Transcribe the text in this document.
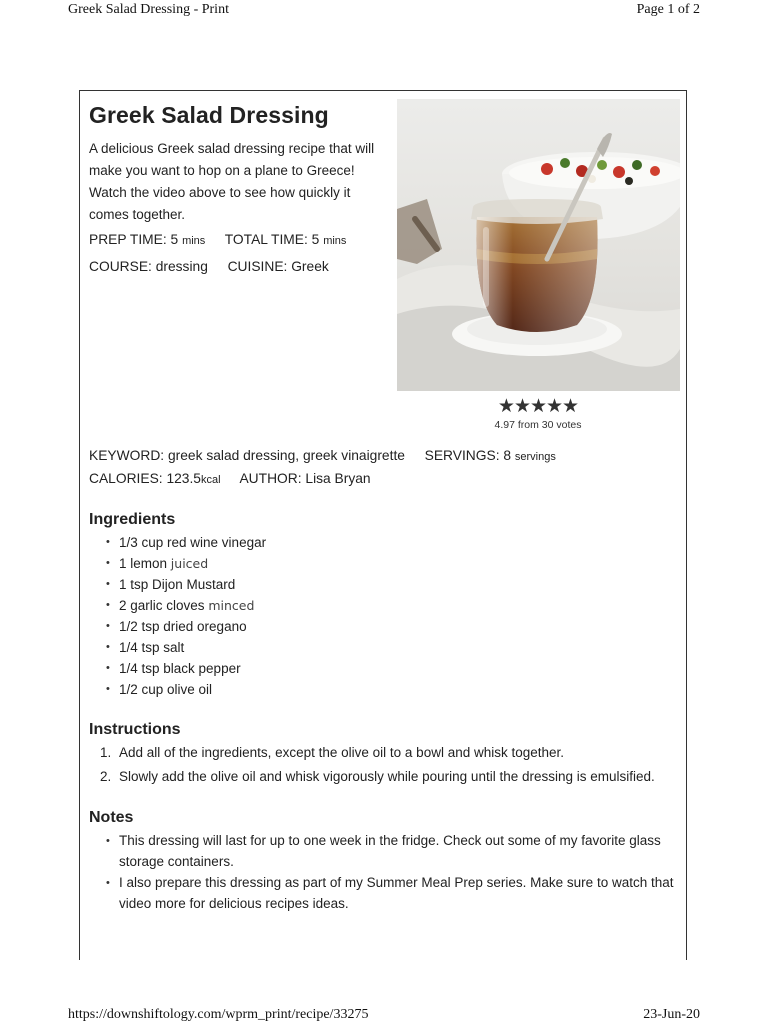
Greek Salad Dressing - Print	Page 1 of 2
Greek Salad Dressing

A delicious Greek salad dressing recipe that will make you want to hop on a plane to Greece! Watch the video above to see how quickly it comes together.

PREP TIME: 5 mins TOTAL TIME: 5 mins
COURSE: dressing CUISINE: Greek
★★★★★
4.97 from 30 votes
KEYWORD: greek salad dressing, greek vinaigrette SERVINGS: 8 servings
CALORIES: 123.5kcal AUTHOR: Lisa Bryan
Ingredients
• 1/3 cup red wine vinegar
• 1 lemon juiced
• 1 tsp Dijon Mustard
• 2 garlic cloves minced
• 1/2 tsp dried oregano
• 1/4 tsp salt
• 1/4 tsp black pepper
• 1/2 cup olive oil
Instructions
1. Add all of the ingredients, except the olive oil to a bowl and whisk together.
2. Slowly add the olive oil and whisk vigorously while pouring until the dressing is emulsified.
Notes
• This dressing will last for up to one week in the fridge. Check out some of my favorite glass storage containers.
• I also prepare this dressing as part of my Summer Meal Prep series. Make sure to watch that video more for delicious recipes ideas.
https://downshiftology.com/wprm_print/recipe/33275	23-Jun-20
